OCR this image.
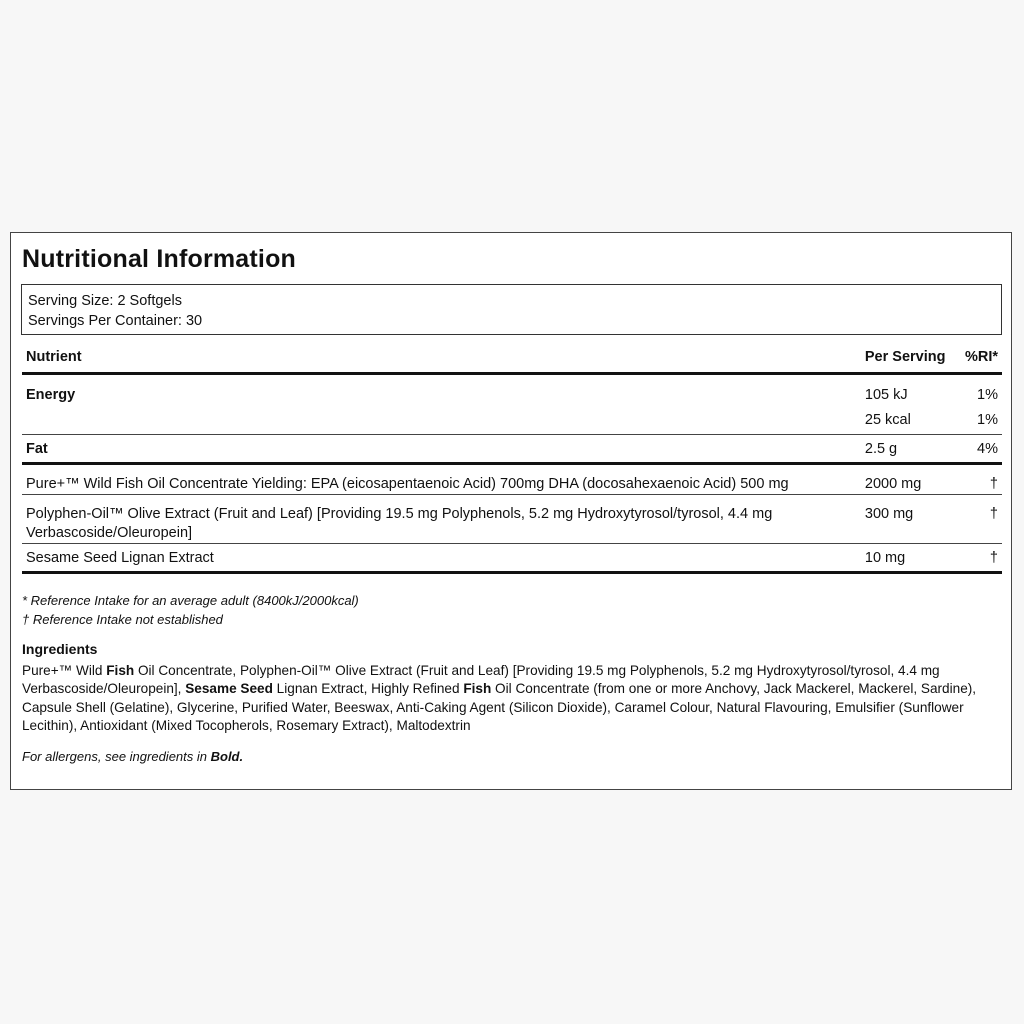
Nutritional Information
Serving Size: 2 Softgels
Servings Per Container: 30
Nutrient	Per Serving	%RI*
Energy	105 kJ	1%
	25 kcal	1%
Fat	2.5 g	4%
Pure+™ Wild Fish Oil Concentrate Yielding: EPA (eicosapentaenoic Acid) 700mg DHA (docosahexaenoic Acid) 500 mg	2000 mg	†
Polyphen-Oil™ Olive Extract (Fruit and Leaf) [Providing 19.5 mg Polyphenols, 5.2 mg Hydroxytyrosol/tyrosol, 4.4 mg Verbascoside/Oleuropein]	300 mg	†
Sesame Seed Lignan Extract	10 mg	†
* Reference Intake for an average adult (8400kJ/2000kcal)
† Reference Intake not established
Ingredients
Pure+™ Wild Fish Oil Concentrate, Polyphen-Oil™ Olive Extract (Fruit and Leaf) [Providing 19.5 mg Polyphenols, 5.2 mg Hydroxytyrosol/tyrosol, 4.4 mg Verbascoside/Oleuropein], Sesame Seed Lignan Extract, Highly Refined Fish Oil Concentrate (from one or more Anchovy, Jack Mackerel, Mackerel, Sardine), Capsule Shell (Gelatine), Glycerine, Purified Water, Beeswax, Anti-Caking Agent (Silicon Dioxide), Caramel Colour, Natural Flavouring, Emulsifier (Sunflower Lecithin), Antioxidant (Mixed Tocopherols, Rosemary Extract), Maltodextrin
For allergens, see ingredients in Bold.
